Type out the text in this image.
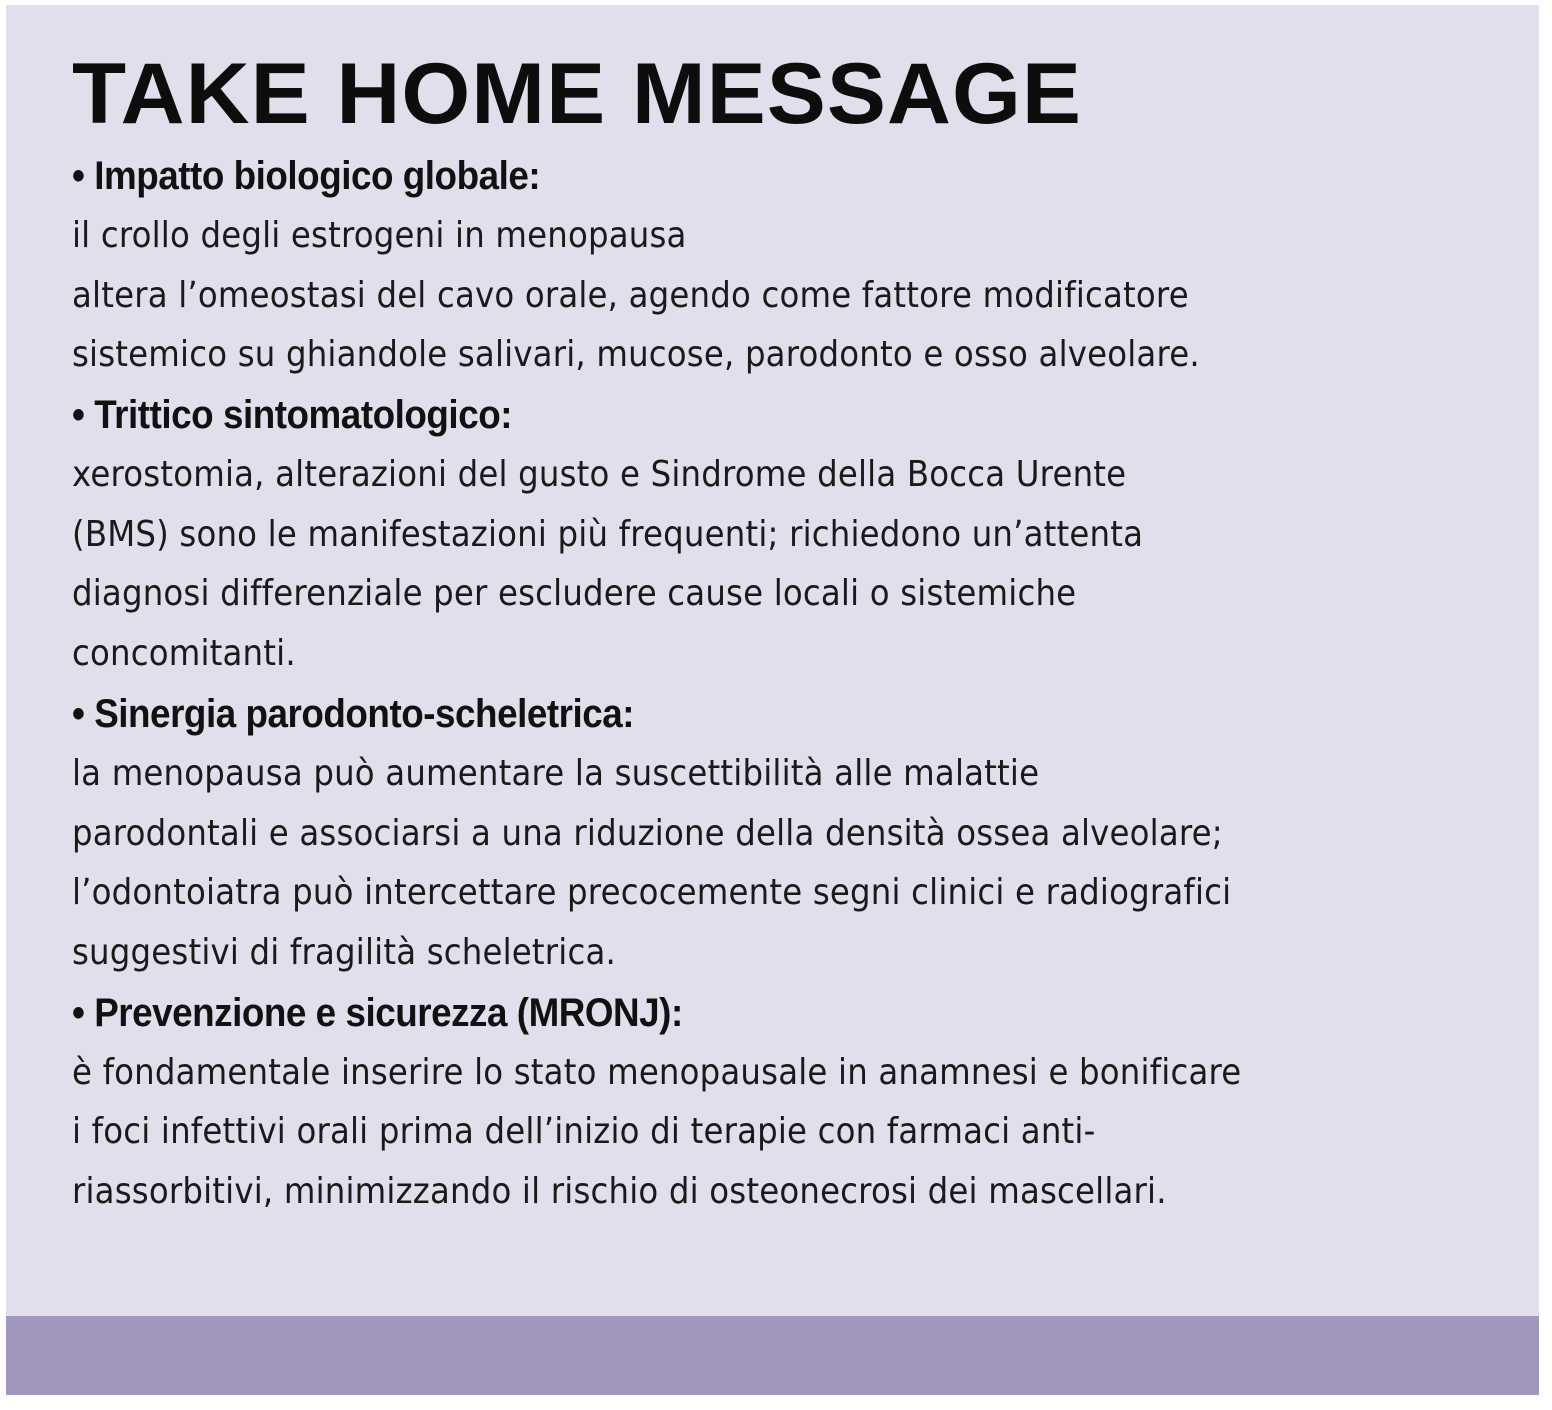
TAKE HOME MESSAGE
• Impatto biologico globale:
il crollo degli estrogeni in menopausa
altera l’omeostasi del cavo orale, agendo come fattore modificatore
sistemico su ghiandole salivari, mucose, parodonto e osso alveolare.
• Trittico sintomatologico:
xerostomia, alterazioni del gusto e Sindrome della Bocca Urente
(BMS) sono le manifestazioni più frequenti; richiedono un’attenta
diagnosi differenziale per escludere cause locali o sistemiche
concomitanti.
• Sinergia parodonto-scheletrica:
la menopausa può aumentare la suscettibilità alle malattie
parodontali e associarsi a una riduzione della densità ossea alveolare;
l’odontoiatra può intercettare precocemente segni clinici e radiografici
suggestivi di fragilità scheletrica.
• Prevenzione e sicurezza (MRONJ):
è fondamentale inserire lo stato menopausale in anamnesi e bonificare
i foci infettivi orali prima dell’inizio di terapie con farmaci anti-
riassorbitivi, minimizzando il rischio di osteonecrosi dei mascellari.
